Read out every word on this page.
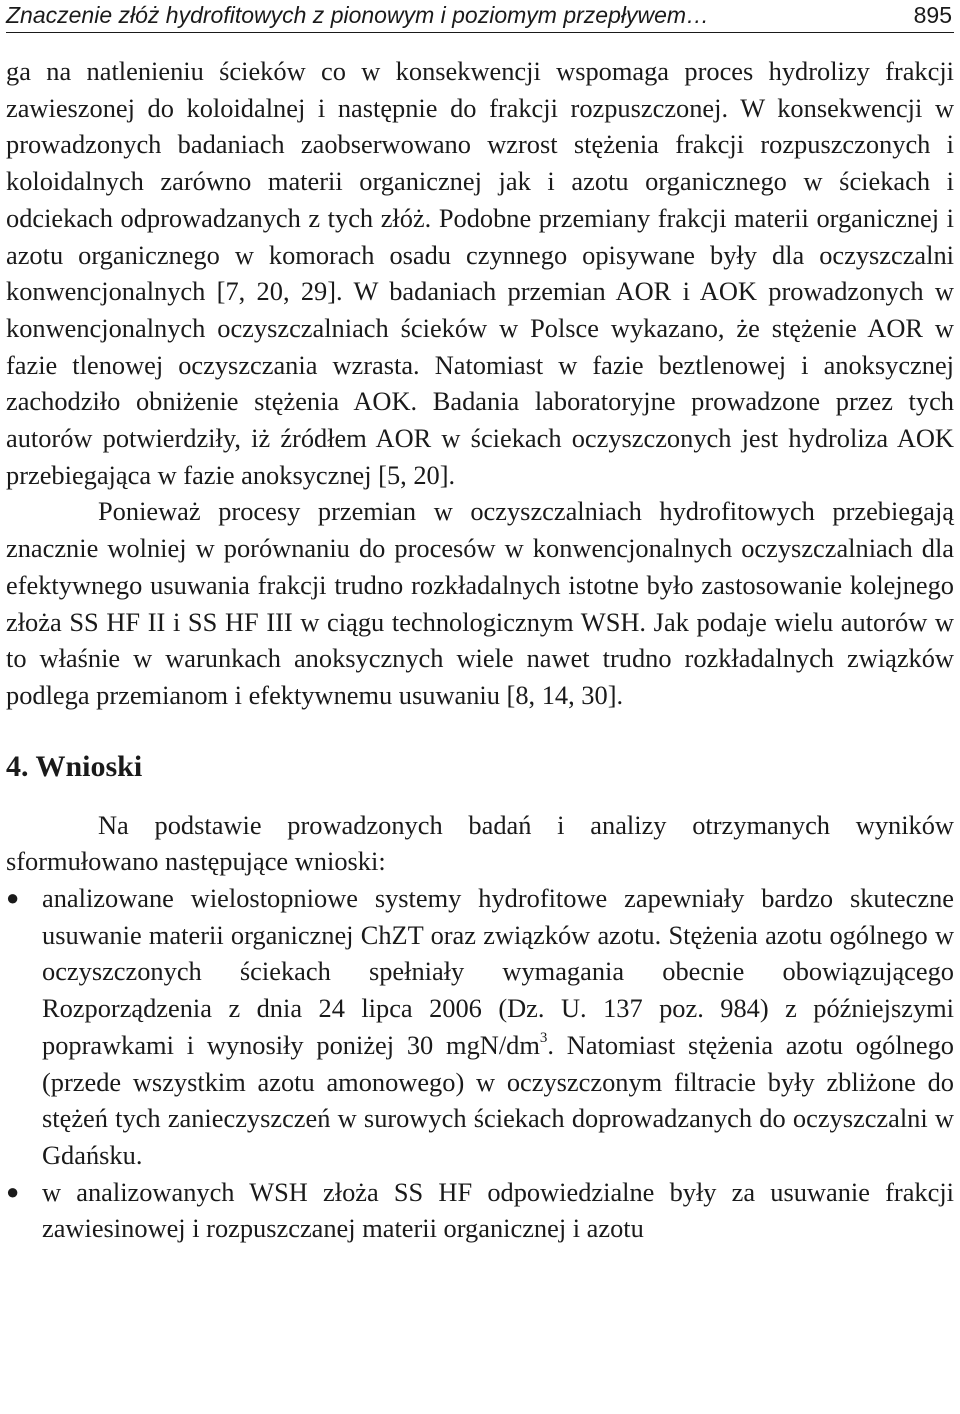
Znaczenie złóż hydrofitowych z pionowym i poziomym przepływem…	895

ga na natlenieniu ścieków co w konsekwencji wspomaga proces hydrolizy frakcji zawieszonej do koloidalnej i następnie do frakcji rozpuszczonej. W konsekwencji w prowadzonych badaniach zaobserwowano wzrost stężenia frakcji rozpuszczonych i koloidalnych zarówno materii organicznej jak i azotu organicznego w ściekach i odciekach odprowadzanych z tych złóż. Podobne przemiany frakcji materii organicznej i azotu organicznego w komorach osadu czynnego opisywane były dla oczyszczalni konwencjonalnych [7, 20, 29]. W badaniach przemian AOR i AOK prowadzonych w konwencjonalnych oczyszczalniach ścieków w Polsce wykazano, że stężenie AOR w fazie tlenowej oczyszczania wzrasta. Natomiast w fazie beztlenowej i anoksycznej zachodziło obniżenie stężenia AOK. Badania laboratoryjne prowadzone przez tych autorów potwierdziły, iż źródłem AOR w ściekach oczyszczonych jest hydroliza AOK przebiegająca w fazie anoksycznej [5, 20].

Ponieważ procesy przemian w oczyszczalniach hydrofitowych przebiegają znacznie wolniej w porównaniu do procesów w konwencjonalnych oczyszczalniach dla efektywnego usuwania frakcji trudno rozkładalnych istotne było zastosowanie kolejnego złoża SS HF II i SS HF III w ciągu technologicznym WSH. Jak podaje wielu autorów w to właśnie w warunkach anoksycznych wiele nawet trudno rozkładalnych związków podlega przemianom i efektywnemu usuwaniu [8, 14, 30].

4. Wnioski

Na podstawie prowadzonych badań i analizy otrzymanych wyników sformułowano następujące wnioski:

● analizowane wielostopniowe systemy hydrofitowe zapewniały bardzo skuteczne usuwanie materii organicznej ChZT oraz związków azotu. Stężenia azotu ogólnego w oczyszczonych ściekach spełniały wymagania obecnie obowiązującego Rozporządzenia z dnia 24 lipca 2006 (Dz. U. 137 poz. 984) z późniejszymi poprawkami i wynosiły poniżej 30 mgN/$dm^3$. Natomiast stężenia azotu ogólnego (przede wszystkim azotu amonowego) w oczyszczonym filtracie były zbliżone do stężeń tych zanieczyszczeń w surowych ściekach doprowadzanych do oczyszczalni w Gdańsku.
● w analizowanych WSH złoża SS HF odpowiedzialne były za usuwanie frakcji zawiesinowej i rozpuszczanej materii organicznej i azotu
